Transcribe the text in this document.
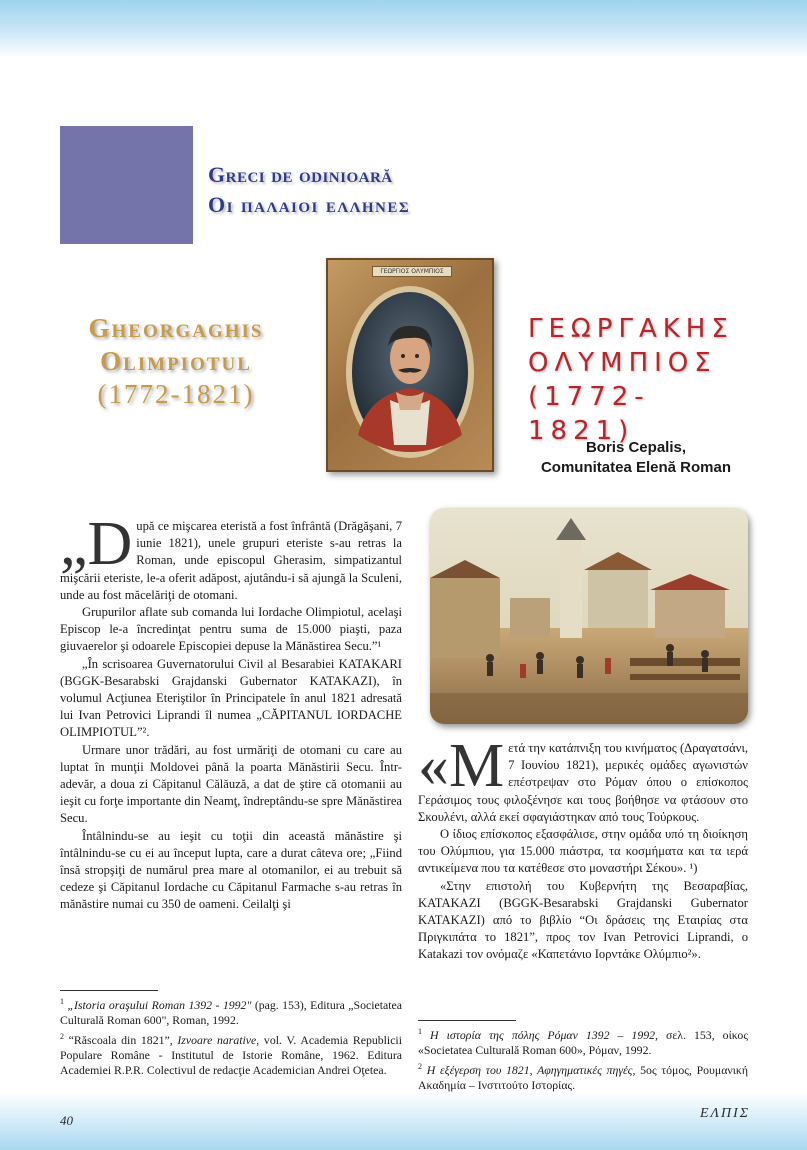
Greci de odinioară
Οι παλαιοι ελληνες
Gheorgaghis
Olimpiotul
(1772-1821)
ΓΕΩΡΓΑΚΗΣ
ΟΛΥΜΠΙΟΣ
(1772-1821)
Boris Cepalis,
Comunitatea Elenă Roman
ΓΕΩΡΓΙΟΣ ΟΛΥΜΠΙΟΣ

„După ce mişcarea eteristă a fost înfrântă (Drăgăşani, 7 iunie 1821), unele grupuri eteriste s-au retras la Roman, unde episcopul Gherasim, simpatizantul mişcării eteriste, le-a oferit adăpost, ajutându-i să ajungă la Sculeni, unde au fost măcelăriţi de otomani.

Grupurilor aflate sub comanda lui Iordache Olimpiotul, acelaşi Episcop le-a încredinţat pentru suma de 15.000 piaşti, paza giuvaerelor şi odoarele Episcopiei depuse la Mănăstirea Secu.”¹

„În scrisoarea Guvernatorului Civil al Besarabiei KATAKARI (BGGK-Besarabski Grajdanski Gubernator KATAKAZI), în volumul Acţiunea Eteriştilor în Principatele în anul 1821 adresată lui Ivan Petrovici Liprandi îl numea „CĂPITANUL IORDACHE OLIMPIOTUL”².

Urmare unor trădări, au fost urmăriţi de otomani cu care au luptat în munţii Moldovei până la poarta Mănăstirii Secu. Într-adevăr, a doua zi Căpitanul Călăuză, a dat de ştire că otomanii au ieşit cu forţe importante din Neamţ, îndreptându-se spre Mănăstirea Secu.

Întâlnindu-se au ieşit cu toţii din această mănăstire şi întâlnindu-se cu ei au început lupta, care a durat câteva ore; „Fiind însă stropşiţi de numărul prea mare al otomanilor, ei au trebuit să cedeze şi Căpitanul Iordache cu Căpitanul Farmache s-au retras în mănăstire numai cu 350 de oameni. Ceilalţi şi

$^1$ „Istoria oraşului Roman 1392 - 1992" (pag. 153), Editura „Societatea Culturală Roman 600", Roman, 1992.

$^2$ “Răscoala din 1821”, Izvoare narative, vol. V. Academia Republicii Populare Române - Institutul de Istorie Române, 1962. Editura Academiei R.P.R. Colectivul de redacţie Academician Andrei Oţetea.

«Μετά την κατάπνιξη του κινήματος (Δραγατσάνι, 7 Ιουνίου 1821), μερικές ομάδες αγωνιστών επέστρεψαν στο Ρόμαν όπου ο επίσκοπος Γεράσιμος τους φιλοξένησε και τους βοήθησε να φτάσουν στο Σκουλένι, αλλά εκεί σφαγιάστηκαν από τους Τούρκους.

Ο ίδιος επίσκοπος εξασφάλισε, στην ομάδα υπό τη διοίκηση του Ολύμπιου, για 15.000 πιάστρα, τα κοσμήματα και τα ιερά αντικείμενα που τα κατέθεσε στο μοναστήρι Σέκου». ¹)

«Στην επιστολή του Κυβερνήτη της Βεσαραβίας, KATAKAZI (BGGK-Besarabski Grajdanski Gubernator KATAKAZI) από το βιβλίο “Οι δράσεις της Εταιρίας στα Πριγκιπάτα το 1821”, προς τον Ivan Petrovici Liprandi, o Katakazi τον ονόμαζε «Καπετάνιο Ιορντάκε Ολύμπιο²».

$^1$ Η ιστορία της πόλης Ρόμαν 1392 – 1992, σελ. 153, οίκος «Societatea Culturală Roman 600», Ρόμαν, 1992.

$^2$ Η εξέγερση του 1821, Αφηγηματικές πηγές, 5ος τόμος, Ρουμανική Ακαδημία – Ινστιτούτο Ιστορίας.

40	ΕΛΠΙΣ
